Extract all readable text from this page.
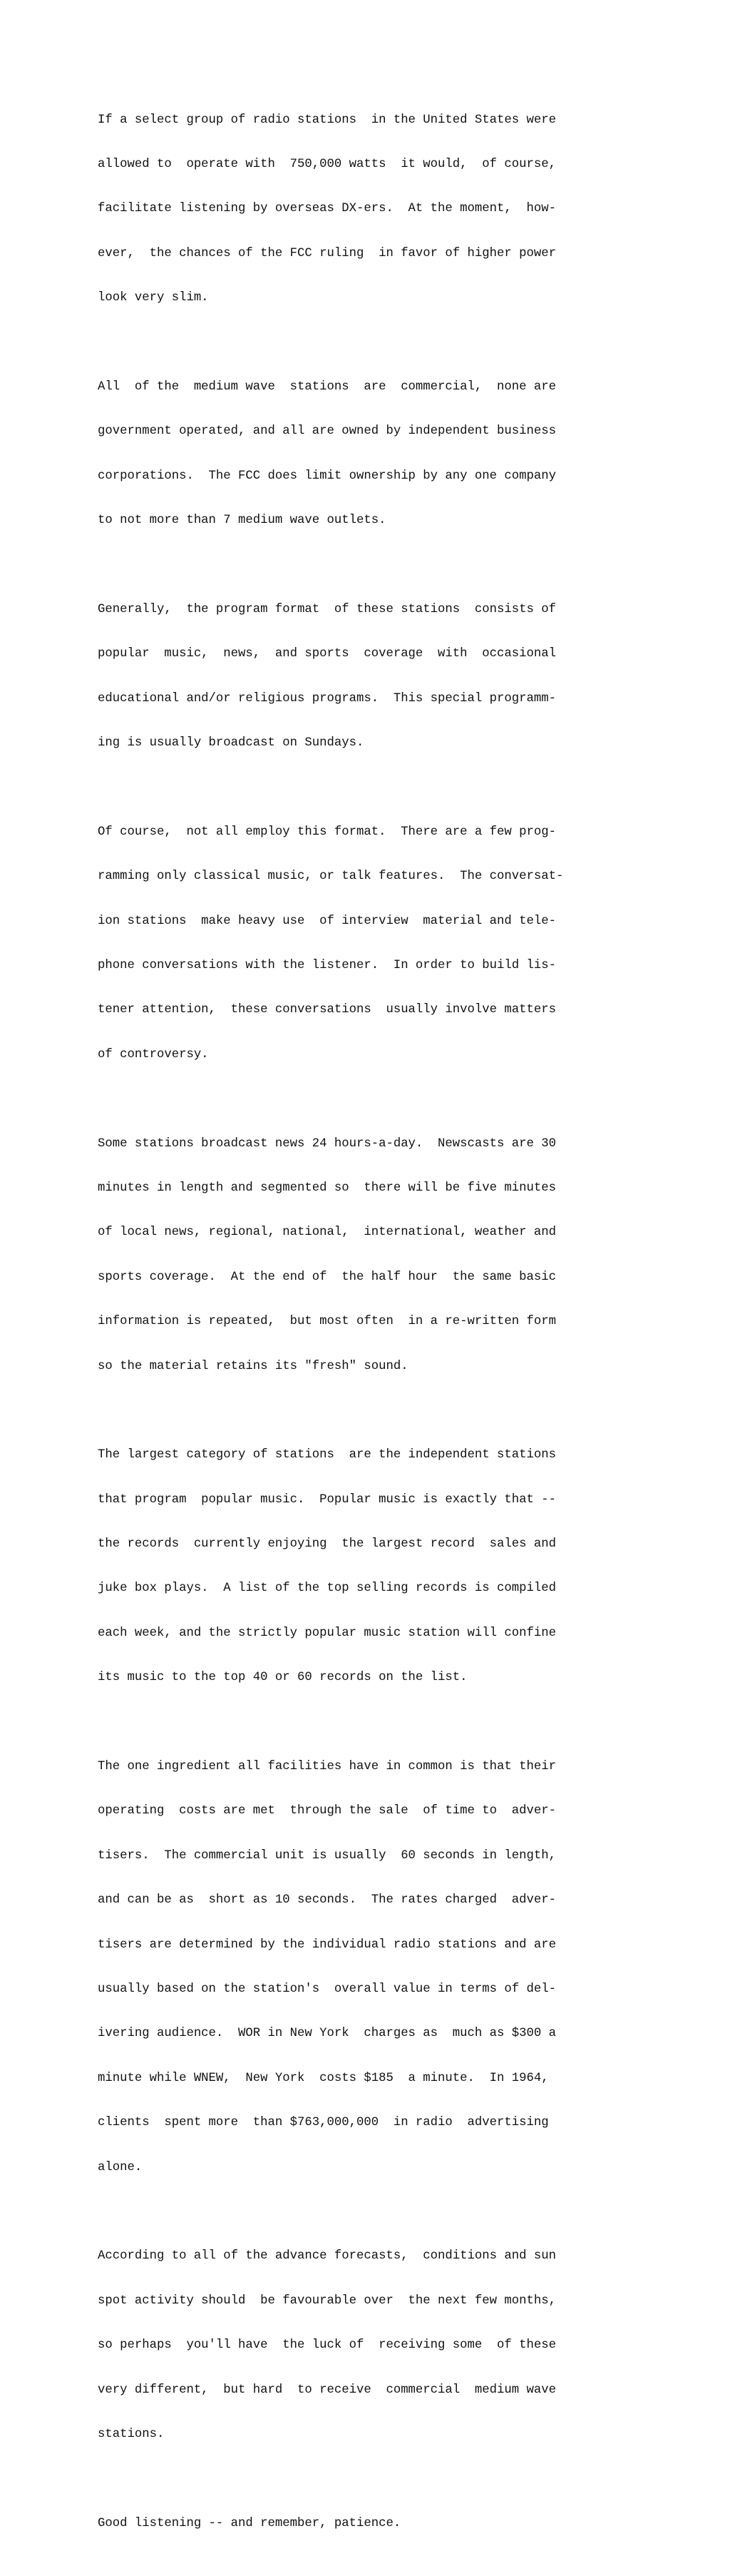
If a select group of radio stations  in the United States were

allowed to  operate with  750,000 watts  it would,  of course,

facilitate listening by overseas DX-ers.  At the moment,  how-

ever,  the chances of the FCC ruling  in favor of higher power

look very slim.

All  of the  medium wave  stations  are  commercial,  none are

government operated, and all are owned by independent business

corporations.  The FCC does limit ownership by any one company

to not more than 7 medium wave outlets.

Generally,  the program format  of these stations  consists of

popular  music,  news,  and sports  coverage  with  occasional

educational and/or religious programs.  This special programm-

ing is usually broadcast on Sundays.

Of course,  not all employ this format.  There are a few prog-

ramming only classical music, or talk features.  The conversat-

ion stations  make heavy use  of interview  material and tele-

phone conversations with the listener.  In order to build lis-

tener attention,  these conversations  usually involve matters

of controversy.

Some stations broadcast news 24 hours-a-day.  Newscasts are 30

minutes in length and segmented so  there will be five minutes

of local news, regional, national,  international, weather and

sports coverage.  At the end of  the half hour  the same basic

information is repeated,  but most often  in a re-written form

so the material retains its "fresh" sound.

The largest category of stations  are the independent stations

that program  popular music.  Popular music is exactly that --

the records  currently enjoying  the largest record  sales and

juke box plays.  A list of the top selling records is compiled

each week, and the strictly popular music station will confine

its music to the top 40 or 60 records on the list.

The one ingredient all facilities have in common is that their

operating  costs are met  through the sale  of time to  adver-

tisers.  The commercial unit is usually  60 seconds in length,

and can be as  short as 10 seconds.  The rates charged  adver-

tisers are determined by the individual radio stations and are

usually based on the station's  overall value in terms of del-

ivering audience.  WOR in New York  charges as  much as $300 a

minute while WNEW,  New York  costs $185  a minute.  In 1964,

clients  spent more  than $763,000,000  in radio  advertising

alone.

According to all of the advance forecasts,  conditions and sun

spot activity should  be favourable over  the next few months,

so perhaps  you'll have  the luck of  receiving some  of these

very different,  but hard  to receive  commercial  medium wave

stations.

Good listening -- and remember, patience.
